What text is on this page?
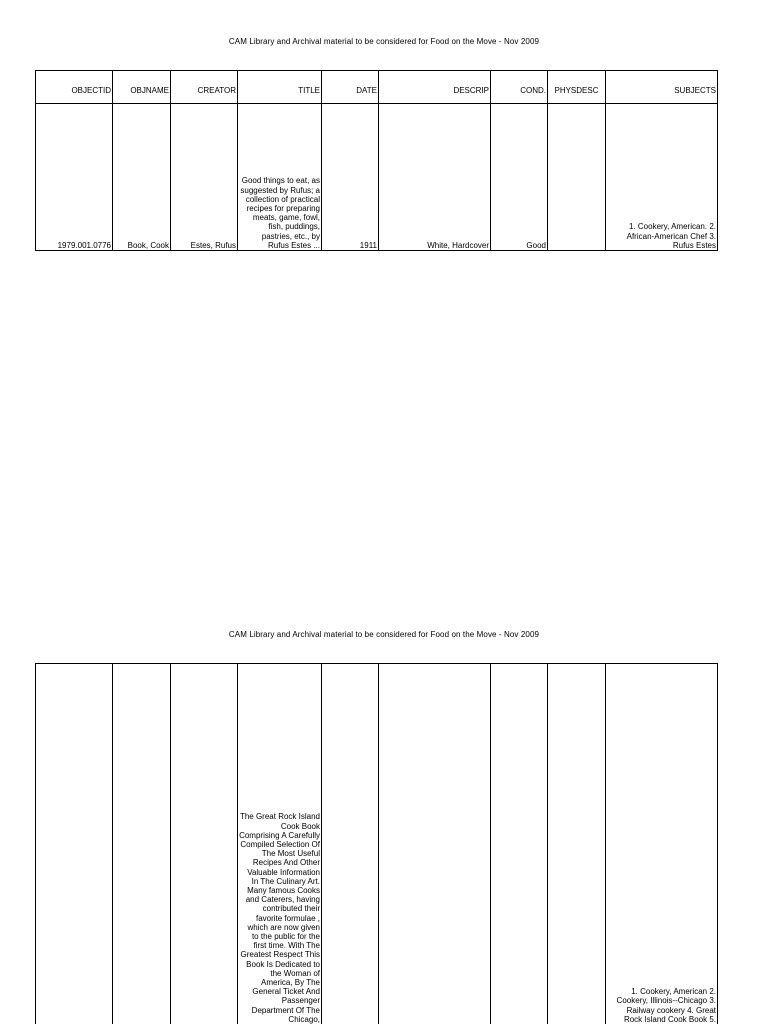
CAM Library and Archival material to be considered for Food on the Move - Nov 2009
OBJECTID	OBJNAME	CREATOR	TITLE	DATE	DESCRIP	COND.	PHYSDESC	SUBJECTS
1979.001.0776	Book, Cook	Estes, Rufus	Good things to eat, as suggested by Rufus; a collection of practical recipes for preparing meats, game, fowl, fish, puddings, pastries, etc., by Rufus Estes ...	1911	White, Hardcover	Good		1. Cookery, American. 2. African-American Chef 3. Rufus Estes
CAM Library and Archival material to be considered for Food on the Move - Nov 2009
			The Great Rock Island Cook Book Comprising A Carefully Compiled Selection Of The Most Useful Recipes And Other Valuable Information In The Culinary Art. Many famous Cooks and Caterers, having contributed their favorite formulae , which are now given to the public for the first time. With The Greatest Respect This Book Is Dedicated to the Woman of America, By The General Ticket And Passenger Department Of The Chicago,					1. Cookery, American 2. Cookery, Illinois--Chicago 3. Railway cookery 4. Great Rock Island Cook Book 5.
